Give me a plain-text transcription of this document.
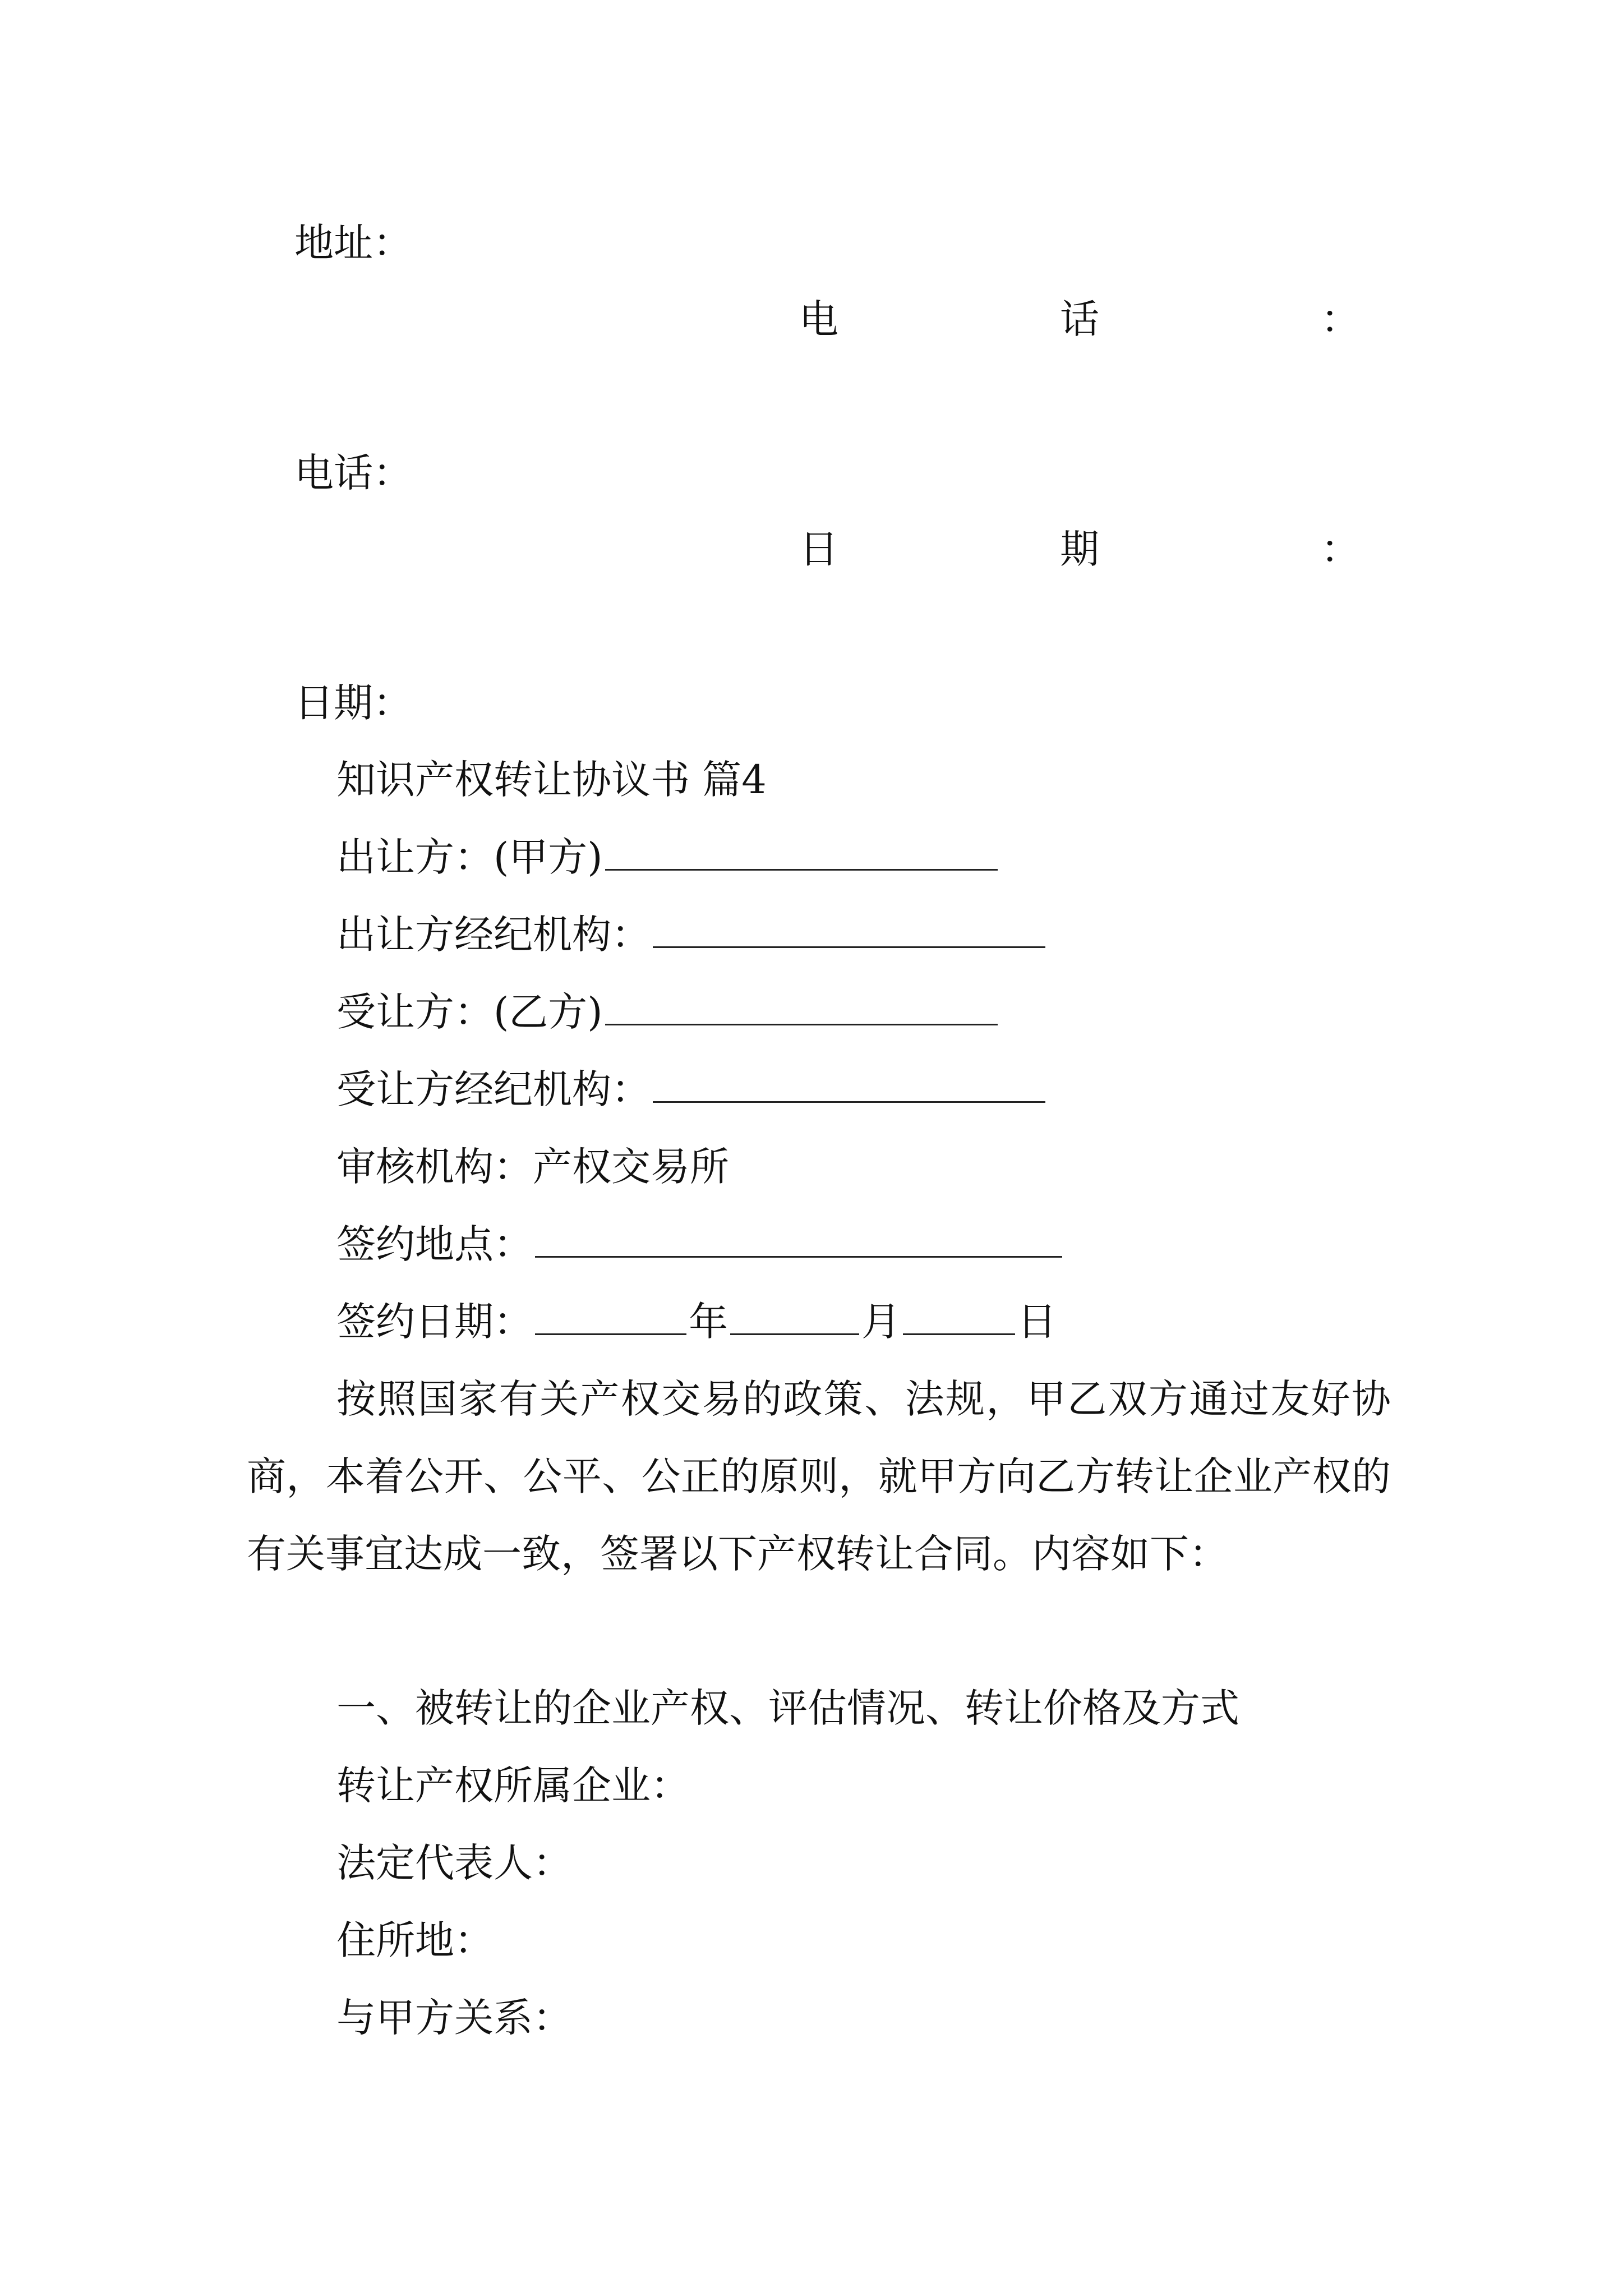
地址：
电	话	：
电话：
日	期	：
日期：
知识产权转让协议书 篇4
出让方：(甲方)
出让方经纪机构：
受让方：(乙方)
受让方经纪机构：
审核机构：产权交易所
签约地点：
签约日期：	年	月	日
按照国家有关产权交易的政策、法规，甲乙双方通过友好协商，本着公开、公平、公正的原则，就甲方向乙方转让企业产权的有关事宜达成一致，签署以下产权转让合同。内容如下：
一、被转让的企业产权、评估情况、转让价格及方式
转让产权所属企业：
法定代表人：
住所地：
与甲方关系：
